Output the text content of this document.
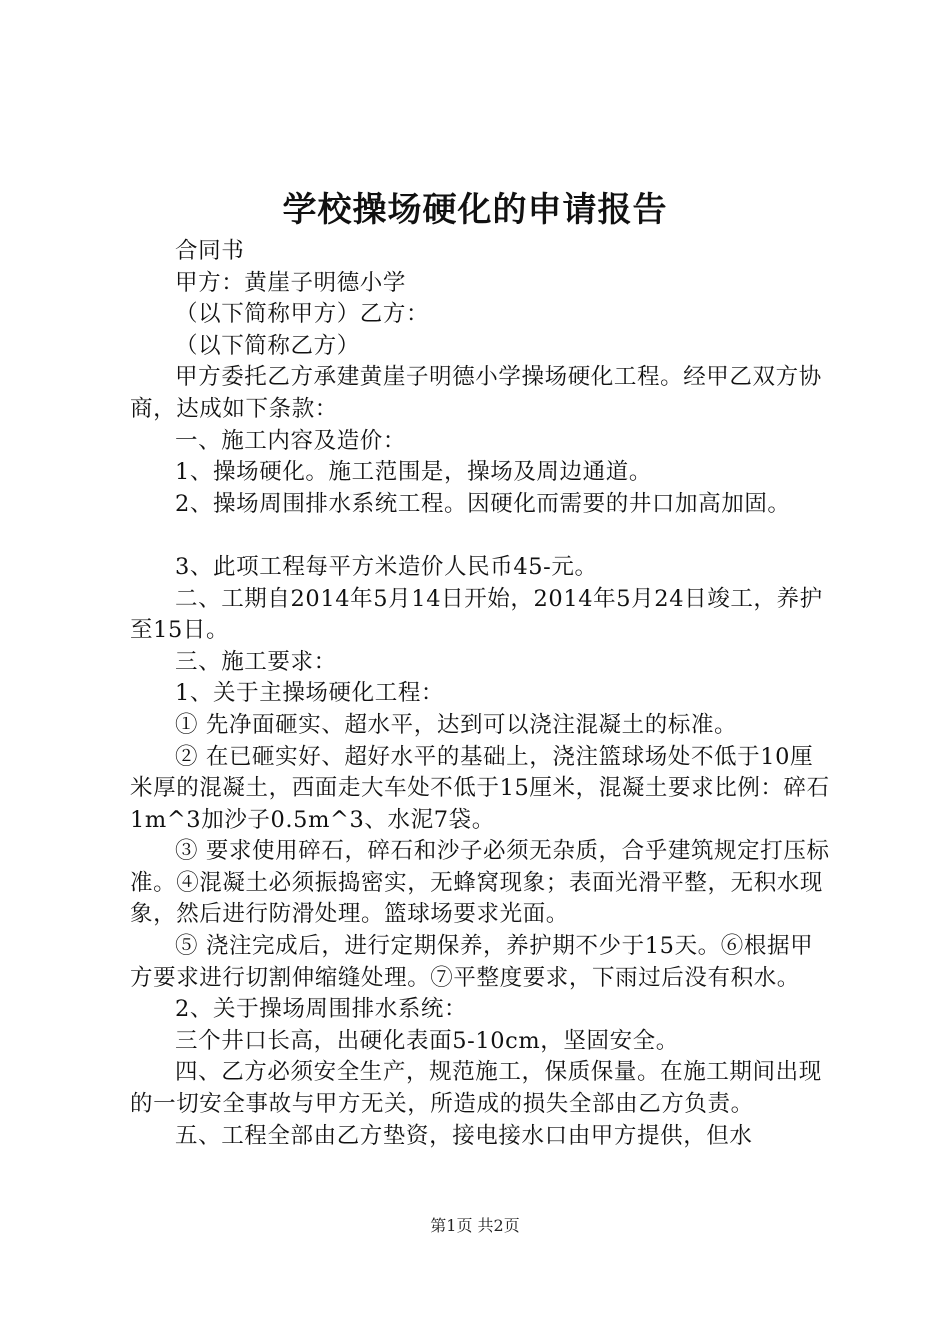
学校操场硬化的申请报告

合同书

甲方：黄崖子明德小学

（以下简称甲方）乙方：

（以下简称乙方）

甲方委托乙方承建黄崖子明德小学操场硬化工程。经甲乙双方协商，达成如下条款：

一、施工内容及造价：

1、操场硬化。施工范围是，操场及周边通道。

2、操场周围排水系统工程。因硬化而需要的井口加高加固。

3、此项工程每平方米造价人民币45-元。

二、工期自2014年5月14日开始，2014年5月24日竣工，养护至15日。

三、施工要求：

1、关于主操场硬化工程：

① 先净面砸实、超水平，达到可以浇注混凝土的标准。

② 在已砸实好、超好水平的基础上，浇注篮球场处不低于10厘米厚的混凝土，西面走大车处不低于15厘米，混凝土要求比例：碎石1m^3加沙子0.5m^3、水泥7袋。

③ 要求使用碎石，碎石和沙子必须无杂质，合乎建筑规定打压标准。④混凝土必须振捣密实，无蜂窝现象；表面光滑平整，无积水现象，然后进行防滑处理。篮球场要求光面。

⑤ 浇注完成后，进行定期保养，养护期不少于15天。⑥根据甲方要求进行切割伸缩缝处理。⑦平整度要求，下雨过后没有积水。

2、关于操场周围排水系统：

三个井口长高，出硬化表面5-10cm，坚固安全。

四、乙方必须安全生产，规范施工，保质保量。在施工期间出现的一切安全事故与甲方无关，所造成的损失全部由乙方负责。

五、工程全部由乙方垫资，接电接水口由甲方提供，但水

第1页 共2页
